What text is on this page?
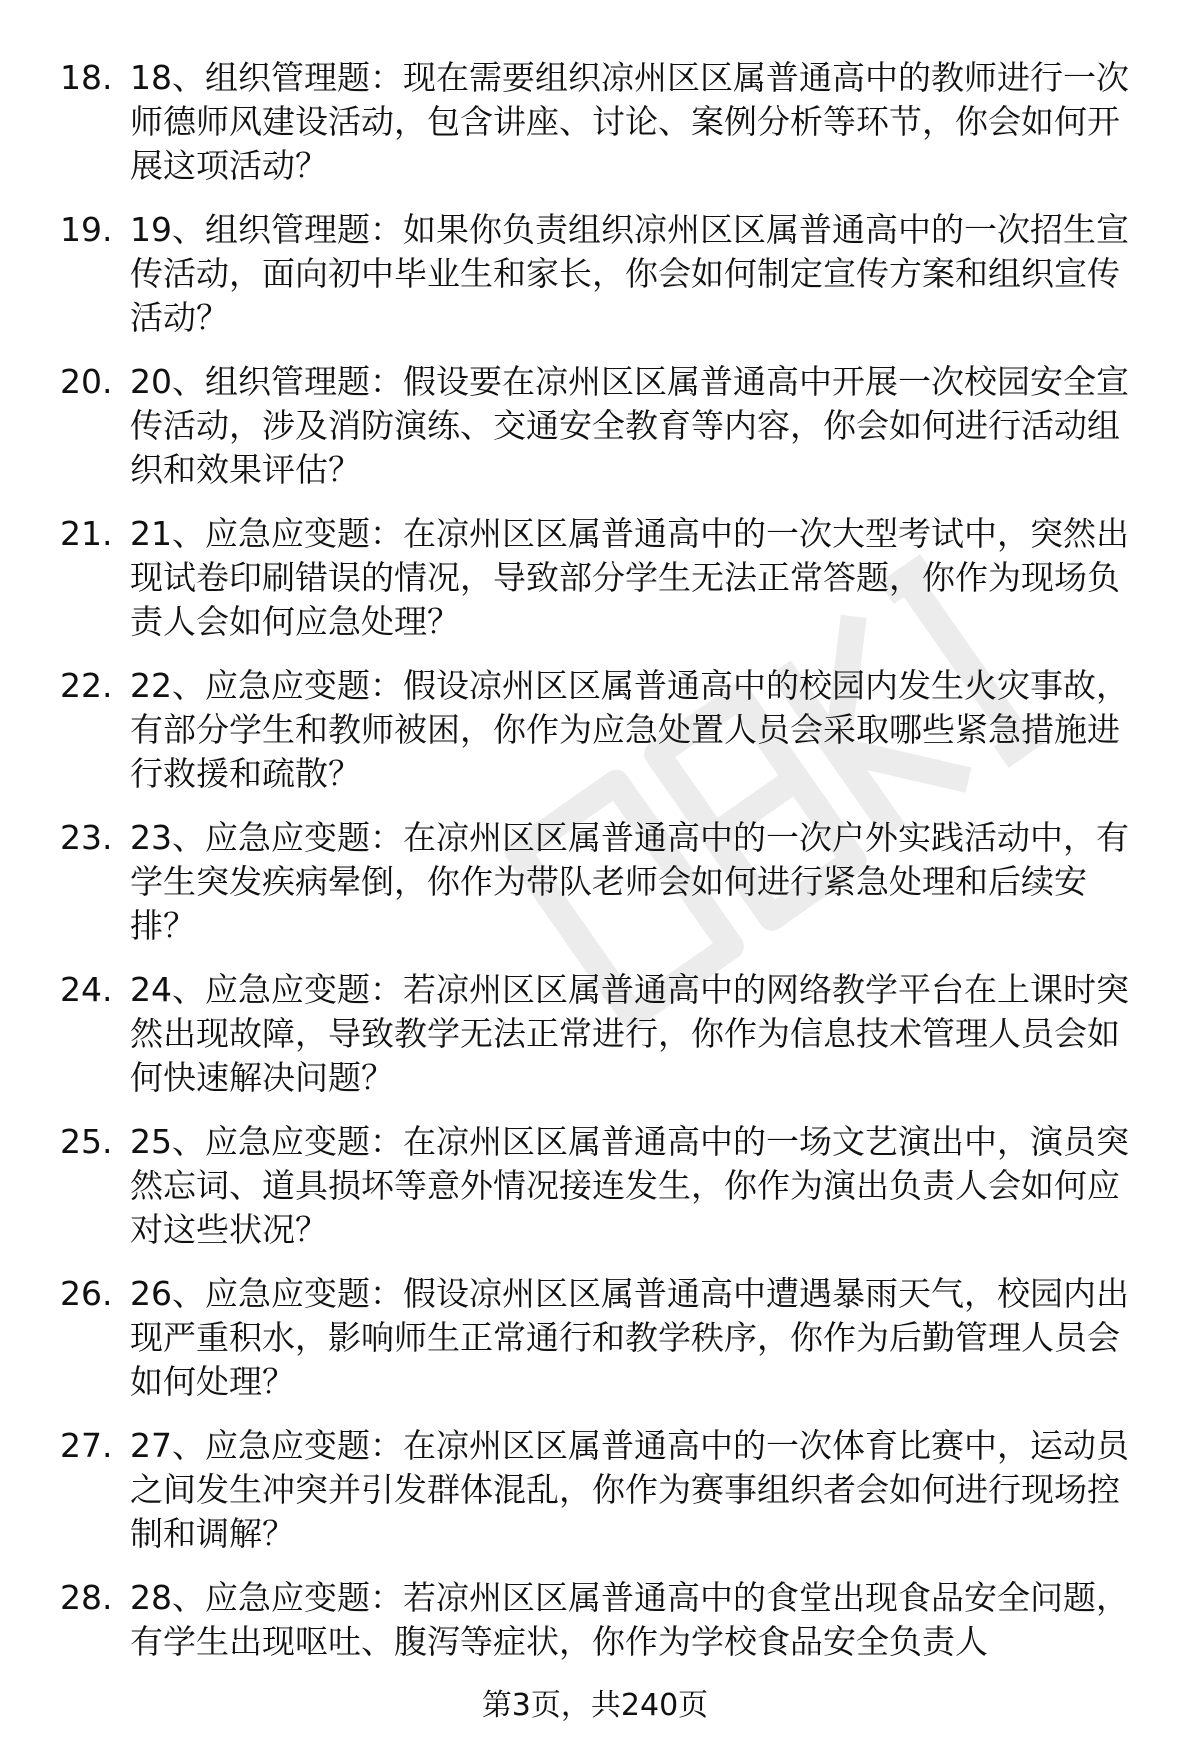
18. 18、组织管理题：现在需要组织凉州区区属普通高中的教师进行一次师德师风建设活动，包含讲座、讨论、案例分析等环节，你会如何开展这项活动？
19. 19、组织管理题：如果你负责组织凉州区区属普通高中的一次招生宣传活动，面向初中毕业生和家长，你会如何制定宣传方案和组织宣传活动？
20. 20、组织管理题：假设要在凉州区区属普通高中开展一次校园安全宣传活动，涉及消防演练、交通安全教育等内容，你会如何进行活动组织和效果评估？
21. 21、应急应变题：在凉州区区属普通高中的一次大型考试中，突然出现试卷印刷错误的情况，导致部分学生无法正常答题，你作为现场负责人会如何应急处理？
22. 22、应急应变题：假设凉州区区属普通高中的校园内发生火灾事故，有部分学生和教师被困，你作为应急处置人员会采取哪些紧急措施进行救援和疏散？
23. 23、应急应变题：在凉州区区属普通高中的一次户外实践活动中，有学生突发疾病晕倒，你作为带队老师会如何进行紧急处理和后续安排？
24. 24、应急应变题：若凉州区区属普通高中的网络教学平台在上课时突然出现故障，导致教学无法正常进行，你作为信息技术管理人员会如何快速解决问题？
25. 25、应急应变题：在凉州区区属普通高中的一场文艺演出中，演员突然忘词、道具损坏等意外情况接连发生，你作为演出负责人会如何应对这些状况？
26. 26、应急应变题：假设凉州区区属普通高中遭遇暴雨天气，校园内出现严重积水，影响师生正常通行和教学秩序，你作为后勤管理人员会如何处理？
27. 27、应急应变题：在凉州区区属普通高中的一次体育比赛中，运动员之间发生冲突并引发群体混乱，你作为赛事组织者会如何进行现场控制和调解？
28. 28、应急应变题：若凉州区区属普通高中的食堂出现食品安全问题，有学生出现呕吐、腹泻等症状，你作为学校食品安全负责人
第3页，共240页
